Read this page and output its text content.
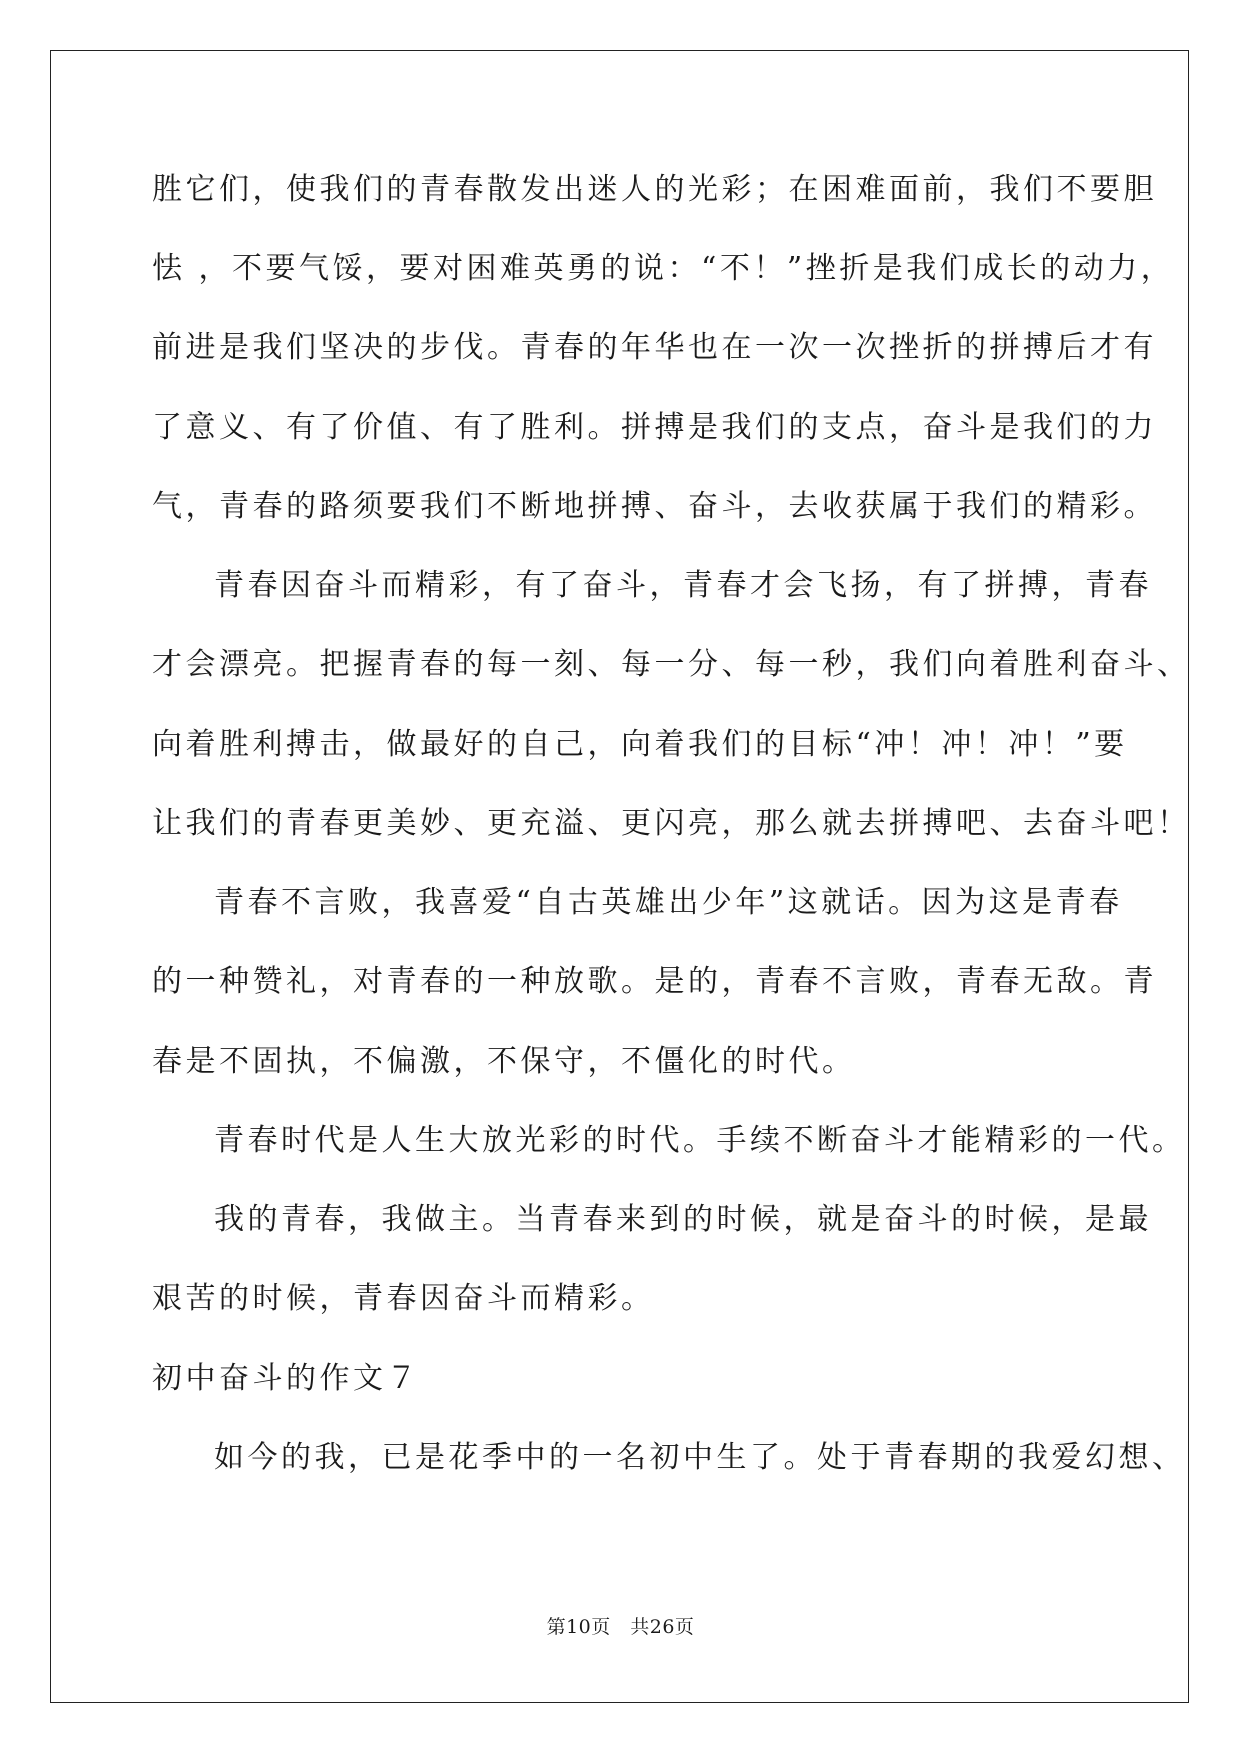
胜它们，使我们的青春散发出迷人的光彩；在困难面前，我们不要胆
怯 ，不要气馁，要对困难英勇的说：“不！”挫折是我们成长的动力，
前进是我们坚决的步伐。青春的年华也在一次一次挫折的拼搏后才有
了意义、有了价值、有了胜利。拼搏是我们的支点，奋斗是我们的力
气，青春的路须要我们不断地拼搏、奋斗，去收获属于我们的精彩。
青春因奋斗而精彩，有了奋斗，青春才会飞扬，有了拼搏，青春
才会漂亮。把握青春的每一刻、每一分、每一秒，我们向着胜利奋斗、
向着胜利搏击，做最好的自己，向着我们的目标“冲！冲！冲！”要
让我们的青春更美妙、更充溢、更闪亮，那么就去拼搏吧、去奋斗吧！
青春不言败，我喜爱“自古英雄出少年”这就话。因为这是青春
的一种赞礼，对青春的一种放歌。是的，青春不言败，青春无敌。青
春是不固执，不偏激，不保守，不僵化的时代。
青春时代是人生大放光彩的时代。手续不断奋斗才能精彩的一代。
我的青春，我做主。当青春来到的时候，就是奋斗的时候，是最
艰苦的时候，青春因奋斗而精彩。
初中奋斗的作文７
如今的我，已是花季中的一名初中生了。处于青春期的我爱幻想、
第10页　共26页
